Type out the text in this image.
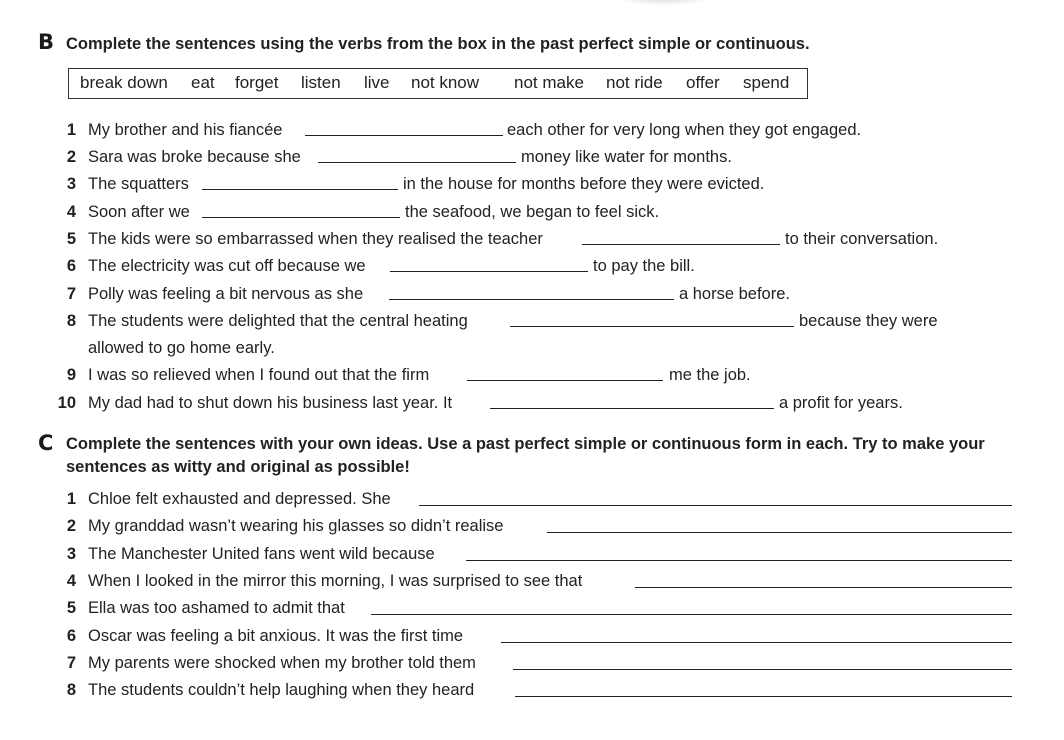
B Complete the sentences using the verbs from the box in the past perfect simple or continuous.
break down eat forget listen live not know not make not ride offer spend
1 My brother and his fiancée	each other for very long when they got engaged.
2 Sara was broke because she	money like water for months.
3 The squatters	in the house for months before they were evicted.
4 Soon after we	the seafood, we began to feel sick.
5 The kids were so embarrassed when they realised the teacher	to their conversation.
6 The electricity was cut off because we	to pay the bill.
7 Polly was feeling a bit nervous as she	a horse before.
8 The students were delighted that the central heating	because they were
allowed to go home early.
9 I was so relieved when I found out that the firm	me the job.
10 My dad had to shut down his business last year. It	a profit for years.
C Complete the sentences with your own ideas. Use a past perfect simple or continuous form in each. Try to make your
sentences as witty and original as possible!
1 Chloe felt exhausted and depressed. She
2 My granddad wasn’t wearing his glasses so didn’t realise
3 The Manchester United fans went wild because
4 When I looked in the mirror this morning, I was surprised to see that
5 Ella was too ashamed to admit that
6 Oscar was feeling a bit anxious. It was the first time
7 My parents were shocked when my brother told them
8 The students couldn’t help laughing when they heard
